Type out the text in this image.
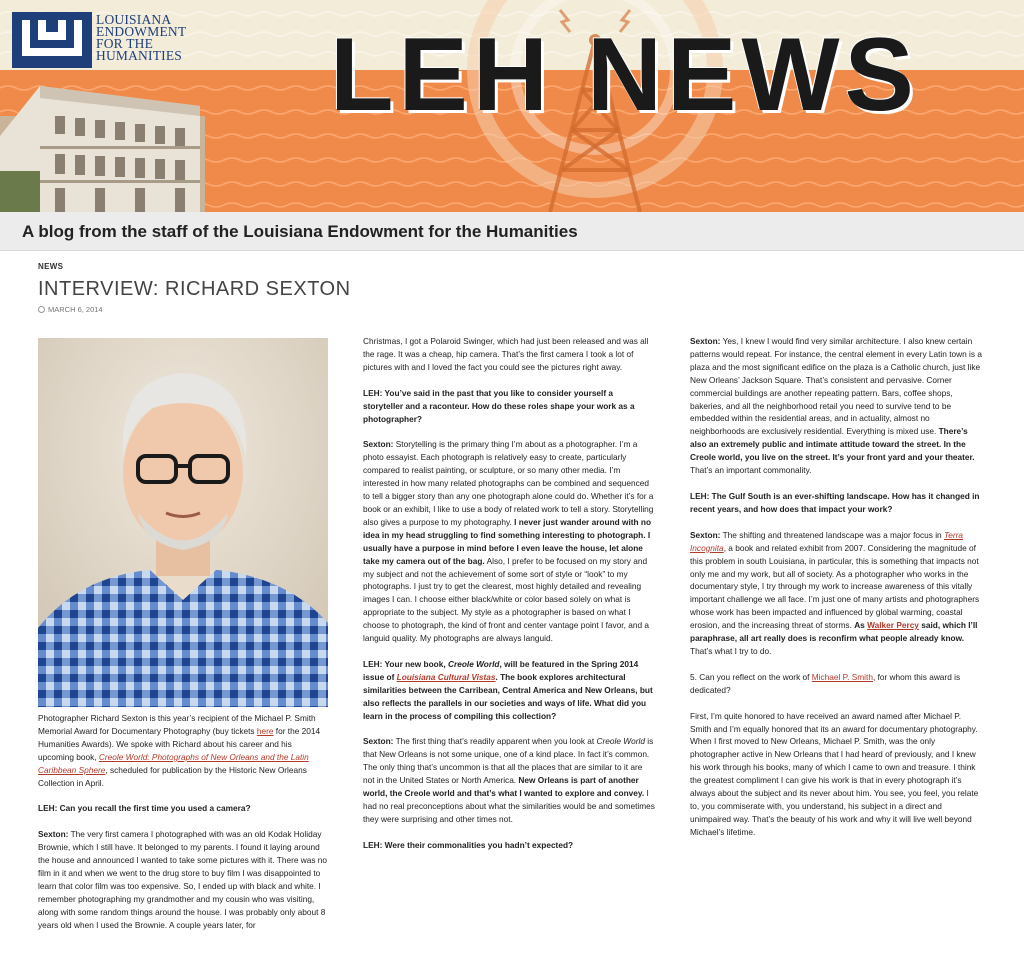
LOUISIANA
ENDOWMENT
FOR THE
HUMANITIES	LEH NEWS
A blog from the staff of the Louisiana Endowment for the Humanities
NEWS
INTERVIEW: RICHARD SEXTON
MARCH 6, 2014

Photographer Richard Sexton is this year’s recipient of the Michael P. Smith Memorial Award for Documentary Photography (buy tickets here for the 2014 Humanities Awards). We spoke with Richard about his career and his upcoming book, Creole World: Photographs of New Orleans and the Latin Caribbean Sphere, scheduled for publication by the Historic New Orleans Collection in April.

LEH: Can you recall the first time you used a camera?

Sexton: The very first camera I photographed with was an old Kodak Holiday Brownie, which I still have. It belonged to my parents. I found it laying around the house and announced I wanted to take some pictures with it. There was no film in it and when we went to the drug store to buy film I was disappointed to learn that color film was too expensive. So, I ended up with black and white. I remember photographing my grandmother and my cousin who was visiting, along with some random things around the house. I was probably only about 8 years old when I used the Brownie. A couple years later, for

Christmas, I got a Polaroid Swinger, which had just been released and was all the rage. It was a cheap, hip camera. That’s the first camera I took a lot of pictures with and I loved the fact you could see the pictures right away.

LEH: You’ve said in the past that you like to consider yourself a storyteller and a raconteur. How do these roles shape your work as a photographer?

Sexton: Storytelling is the primary thing I’m about as a photographer. I’m a photo essayist. Each photograph is relatively easy to create, particularly compared to realist painting, or sculpture, or so many other media. I’m interested in how many related photographs can be combined and sequenced to tell a bigger story than any one photograph alone could do. Whether it’s for a book or an exhibit, I like to use a body of related work to tell a story. Storytelling also gives a purpose to my photography. I never just wander around with no idea in my head struggling to find something interesting to photograph. I usually have a purpose in mind before I even leave the house, let alone take my camera out of the bag. Also, I prefer to be focused on my story and my subject and not the achievement of some sort of style or “look” to my photographs. I just try to get the clearest, most highly detailed and revealing images I can. I choose either black/white or color based solely on what is appropriate to the subject. My style as a photographer is based on what I choose to photograph, the kind of front and center vantage point I favor, and a languid quality. My photographs are always languid.

LEH: Your new book, Creole World, will be featured in the Spring 2014 issue of Louisiana Cultural Vistas. The book explores architectural similarities between the Carribean, Central America and New Orleans, but also reflects the parallels in our societies and ways of life. What did you learn in the process of compiling this collection?

Sexton: The first thing that’s readily apparent when you look at Creole World is that New Orleans is not some unique, one of a kind place. In fact it’s common. The only thing that’s uncommon is that all the places that are similar to it are not in the United States or North America. New Orleans is part of another world, the Creole world and that’s what I wanted to explore and convey. I had no real preconceptions about what the similarities would be and sometimes they were surprising and other times not.

LEH: Were their commonalities you hadn’t expected?

Sexton: Yes, I knew I would find very similar architecture. I also knew certain patterns would repeat. For instance, the central element in every Latin town is a plaza and the most significant edifice on the plaza is a Catholic church, just like New Orleans’ Jackson Square. That’s consistent and pervasive. Corner commercial buildings are another repeating pattern. Bars, coffee shops, bakeries, and all the neighborhood retail you need to survive tend to be embedded within the residential areas, and in actuality, almost no neighborhoods are exclusively residential. Everything is mixed use. There’s also an extremely public and intimate attitude toward the street. In the Creole world, you live on the street. It’s your front yard and your theater. That’s an important commonality.

LEH: The Gulf South is an ever-shifting landscape. How has it changed in recent years, and how does that impact your work?

Sexton: The shifting and threatened landscape was a major focus in Terra Incognita, a book and related exhibit from 2007. Considering the magnitude of this problem in south Louisiana, in particular, this is something that impacts not only me and my work, but all of society. As a photographer who works in the documentary style, I try through my work to increase awareness of this vitally important challenge we all face. I’m just one of many artists and photographers whose work has been impacted and influenced by global warming, coastal erosion, and the increasing threat of storms. As Walker Percy said, which I’ll paraphrase, all art really does is reconfirm what people already know. That’s what I try to do.

5. Can you reflect on the work of Michael P. Smith, for whom this award is dedicated?

First, I’m quite honored to have received an award named after Michael P. Smith and I’m equally honored that its an award for documentary photography. When I first moved to New Orleans, Michael P. Smith, was the only photographer active in New Orleans that I had heard of previously, and I knew his work through his books, many of which I came to own and treasure. I think the greatest compliment I can give his work is that in every photograph it’s always about the subject and its never about him. You see, you feel, you relate to, you commiserate with, you understand, his subject in a direct and unimpaired way. That’s the beauty of his work and why it will live well beyond Michael’s lifetime.
